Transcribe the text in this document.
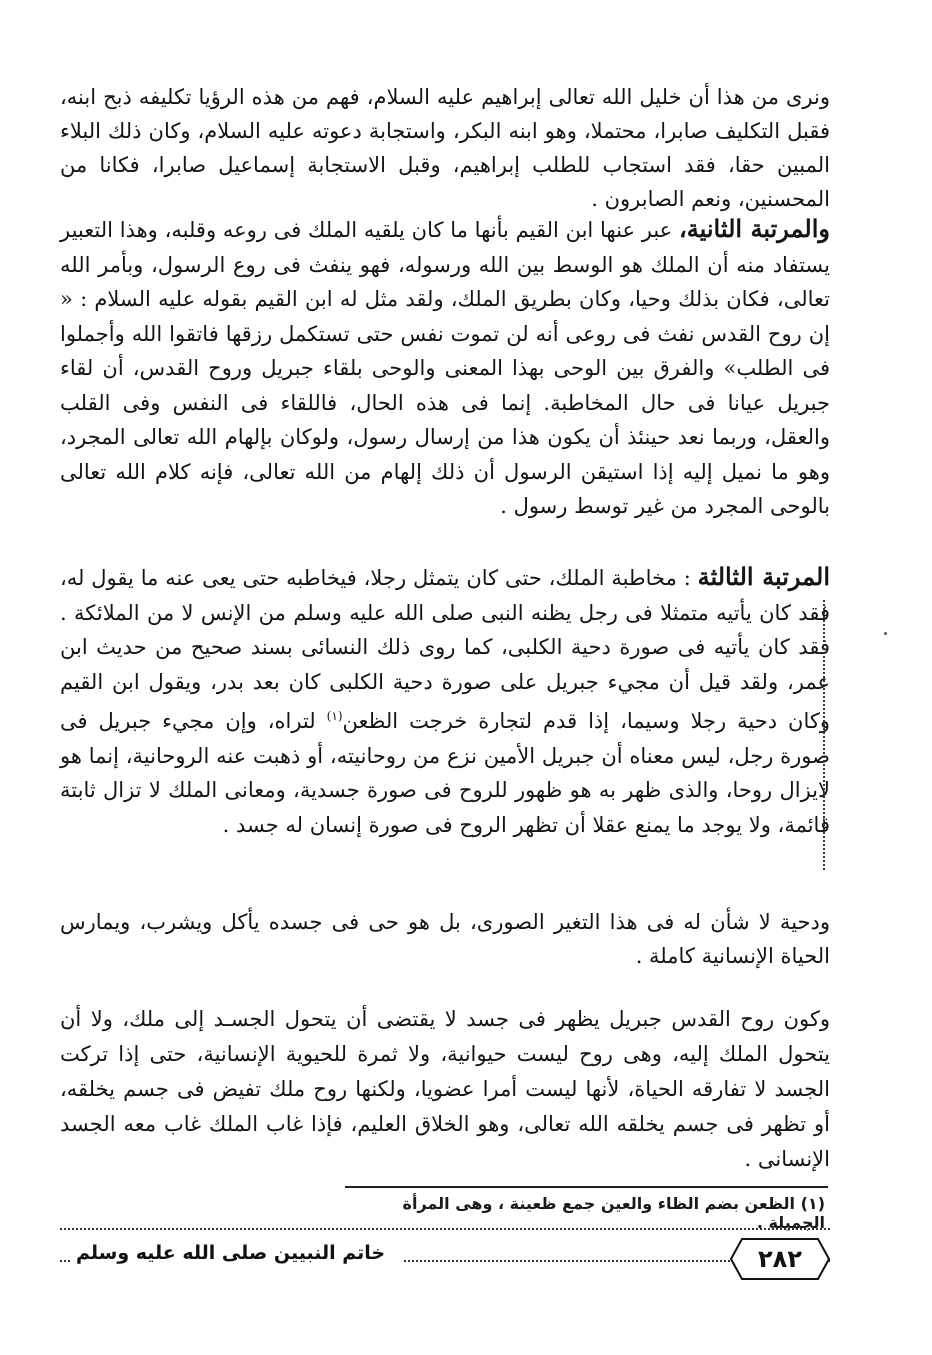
ونرى من هذا أن خليل الله تعالى إبراهيم عليه السلام، فهم من هذه الرؤيا تكليفه ذبح ابنه، فقبل التكليف صابرا، محتملا، وهو ابنه البكر، واستجابة دعوته عليه السلام، وكان ذلك البلاء المبين حقا، فقد استجاب للطلب إبراهيم، وقبل الاستجابة إسماعيل صابرا، فكانا من المحسنين، ونعم الصابرون .

والمرتبة الثانية، عبر عنها ابن القيم بأنها ما كان يلقيه الملك فى روعه وقلبه، وهذا التعبير يستفاد منه أن الملك هو الوسط بين الله ورسوله، فهو ينفث فى روع الرسول، وبأمر الله تعالى، فكان بذلك وحيا، وكان بطريق الملك، ولقد مثل له ابن القيم بقوله عليه السلام : « إن روح القدس نفث فى روعى أنه لن تموت نفس حتى تستكمل رزقها فاتقوا الله وأجملوا فى الطلب» والفرق بين الوحى بهذا المعنى والوحى بلقاء جبريل وروح القدس، أن لقاء جبريل عيانا فى حال المخاطبة. إنما فى هذه الحال، فاللقاء فى النفس وفى القلب والعقل، وربما نعد حينئذ أن يكون هذا من إرسال رسول، ولوكان بإلهام الله تعالى المجرد، وهو ما نميل إليه إذا استيقن الرسول أن ذلك إلهام من الله تعالى، فإنه كلام الله تعالى بالوحى المجرد من غير توسط رسول .

المرتبة الثالثة : مخاطبة الملك، حتى كان يتمثل رجلا، فيخاطبه حتى يعى عنه ما يقول له، فقد كان يأتيه متمثلا فى رجل يظنه النبى صلى الله عليه وسلم من الإنس لا من الملائكة . فقد كان يأتيه فى صورة دحية الكلبى، كما روى ذلك النسائى بسند صحيح من حديث ابن عمر، ولقد قيل أن مجيء جبريل على صورة دحية الكلبى كان بعد بدر، ويقول ابن القيم وكان دحية رجلا وسيما، إذا قدم لتجارة خرجت الظعن$^{(١)}$ لتراه، وإن مجيء جبريل فى صورة رجل، ليس معناه أن جبريل الأمين نزع من روحانيته، أو ذهبت عنه الروحانية، إنما هو لايزال روحا، والذى ظهر به هو ظهور للروح فى صورة جسدية، ومعانى الملك لا تزال ثابتة قائمة، ولا يوجد ما يمنع عقلا أن تظهر الروح فى صورة إنسان له جسد .

ودحية لا شأن له فى هذا التغير الصورى، بل هو حى فى جسده يأكل ويشرب، ويمارس الحياة الإنسانية كاملة .

وكون روح القدس جبريل يظهر فى جسد لا يقتضى أن يتحول الجسـد إلى ملك، ولا أن يتحول الملك إليه، وهى روح ليست حيوانية، ولا ثمرة للحيوية الإنسانية، حتى إذا تركت الجسد لا تفارقه الحياة، لأنها ليست أمرا عضويا، ولكنها روح ملك تفيض فى جسم يخلقه، أو تظهر فى جسم يخلقه الله تعالى، وهو الخلاق العليم، فإذا غاب الملك غاب معه الجسد الإنسانى .

(١) الظعن بضم الظاء والعين جمع ظعينة ، وهى المرأة الجميلة .
خاتم النبيين صلى الله عليه وسلم	٢٨٢
